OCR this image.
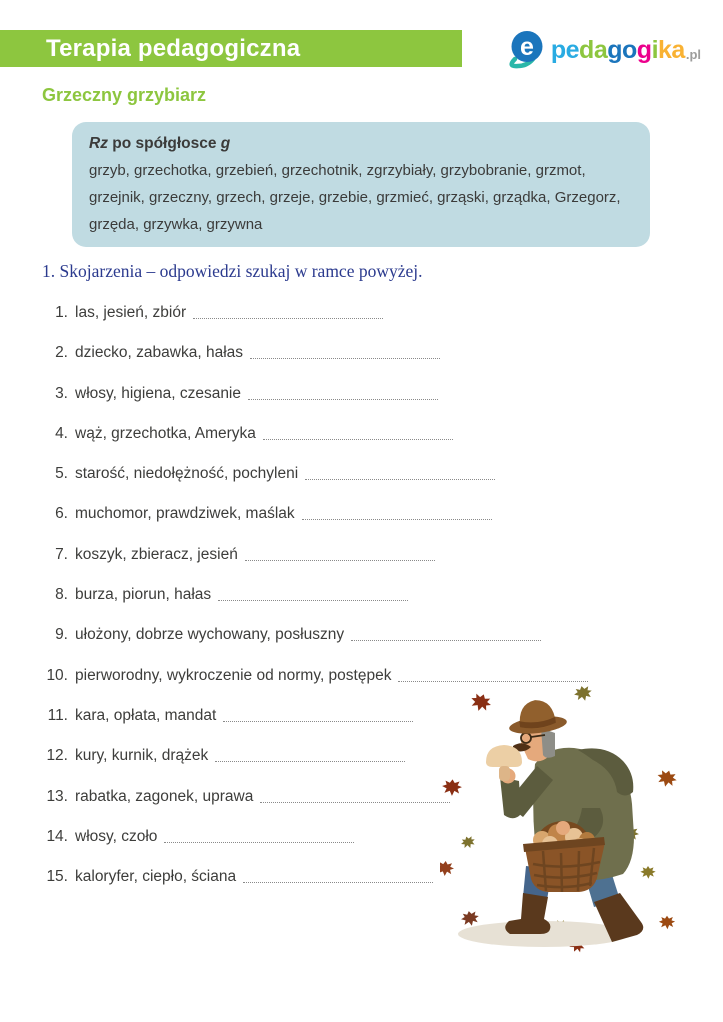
Terapia pedagogiczna	e p e d a g o g i k a .pl
Grzeczny grzybiarz
Rz po spółgłosce g
grzyb, grzechotka, grzebień, grzechotnik, zgrzybiały, grzybobranie, grzmot, grzejnik, grzeczny, grzech, grzeje, grzebie, grzmieć, grząski, grządka, Grzegorz, grzęda, grzywka, grzywna
1. Skojarzenia – odpowiedzi szukaj w ramce powyżej.
1. las, jesień, zbiór
2. dziecko, zabawka, hałas
3. włosy, higiena, czesanie
4. wąż, grzechotka, Ameryka
5. starość, niedołężność, pochyleni
6. muchomor, prawdziwek, maślak
7. koszyk, zbieracz, jesień
8. burza, piorun, hałas
9. ułożony, dobrze wychowany, posłuszny
10. pierworodny, wykroczenie od normy, postępek
11. kara, opłata, mandat
12. kury, kurnik, drążek
13. rabatka, zagonek, uprawa
14. włosy, czoło
15. kaloryfer, ciepło, ściana
